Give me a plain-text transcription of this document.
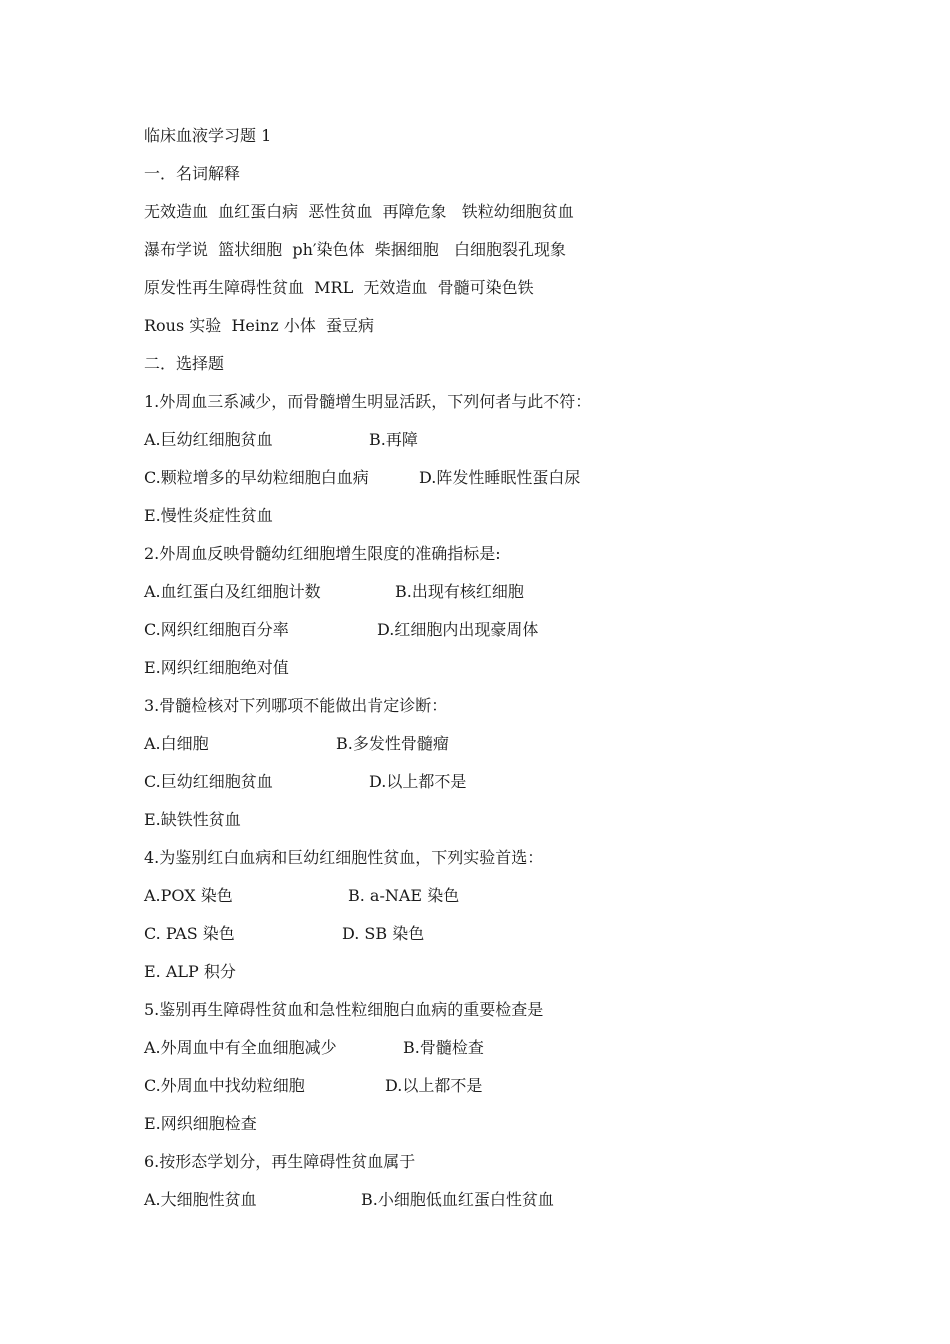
临床血液学习题 1
一．名词解释
无效造血  血红蛋白病  恶性贫血  再障危象   铁粒幼细胞贫血
瀑布学说  篮状细胞  ph′染色体  柴捆细胞   白细胞裂孔现象
原发性再生障碍性贫血  MRL  无效造血  骨髓可染色铁
Rous 实验  Heinz 小体  蚕豆病
二．选择题
1.外周血三系减少，而骨髓增生明显活跃，下列何者与此不符：
A.巨幼红细胞贫血	B.再障
C.颗粒增多的早幼粒细胞白血病	D.阵发性睡眠性蛋白尿
E.慢性炎症性贫血
2.外周血反映骨髓幼红细胞增生限度的准确指标是:
A.血红蛋白及红细胞计数	B.出现有核红细胞
C.网织红细胞百分率	D.红细胞内出现豪周体
E.网织红细胞绝对值
3.骨髓检核对下列哪项不能做出肯定诊断：
A.白细胞	B.多发性骨髓瘤
C.巨幼红细胞贫血	D.以上都不是
E.缺铁性贫血
4.为鉴别红白血病和巨幼红细胞性贫血，下列实验首选：
A.POX 染色	B. a-NAE 染色
C. PAS 染色	D. SB 染色
E. ALP 积分
5.鉴别再生障碍性贫血和急性粒细胞白血病的重要检查是
A.外周血中有全血细胞减少	B.骨髓检查
C.外周血中找幼粒细胞	D.以上都不是
E.网织细胞检查
6.按形态学划分，再生障碍性贫血属于
A.大细胞性贫血	B.小细胞低血红蛋白性贫血
